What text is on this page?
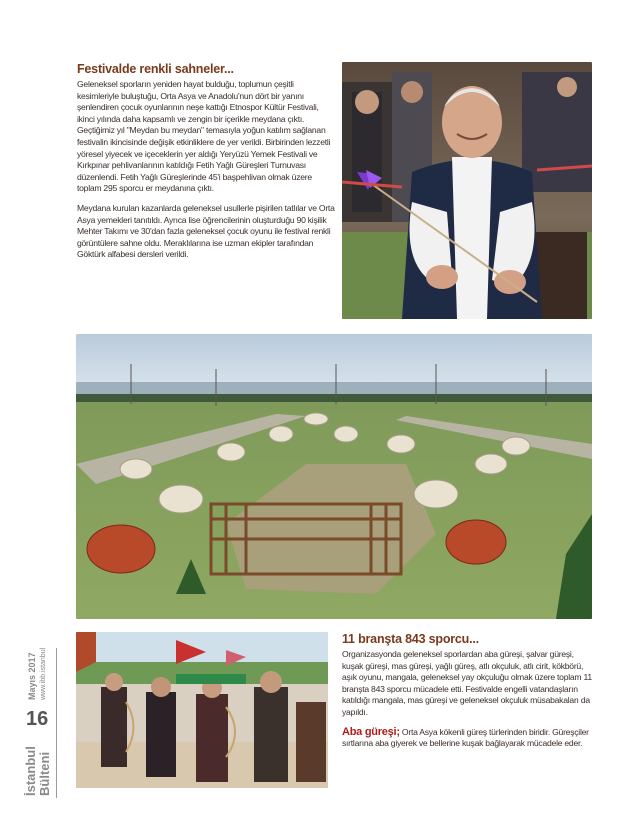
16
İstanbul Bülteni
Mayıs 2017 www.ibb.istanbul
Festivalde renkli sahneler...

Geleneksel sporların yeniden hayat bulduğu, toplumun çeşitli kesimleriyle buluştuğu, Orta Asya ve Anadolu'nun dört bir yanını şenlendiren çocuk oyunlarının neşe kattığı Etnospor Kültür Festivali, ikinci yılında daha kapsamlı ve zengin bir içerikle meydana çıktı. Geçtiğimiz yıl "Meydan bu meydan" temasıyla yoğun katılım sağlanan festivalin ikincisinde değişik etkinliklere de yer verildi. Birbirinden lezzetli yöresel yiyecek ve içeceklerin yer aldığı Yeryüzü Yemek Festivali ve Kırkpınar pehlivanlarının katıldığı Fetih Yağlı Güreşleri Turnuvası düzenlendi. Fetih Yağlı Güreşlerinde 45'i başpehlivan olmak üzere toplam 295 sporcu er meydanına çıktı.

Meydana kurulan kazanlarda geleneksel usullerle pişirilen tatlılar ve Orta Asya yemekleri tanıtıldı. Ayrıca lise öğrencilerinin oluşturduğu 90 kişilik Mehter Takımı ve 30'dan fazla geleneksel çocuk oyunu ile festival renkli görüntülere sahne oldu. Meraklılarına ise uzman ekipler tarafından Göktürk alfabesi dersleri verildi.

11 branşta 843 sporcu...

Organizasyonda geleneksel sporlardan aba güreşi, şalvar güreşi, kuşak güreşi, mas güreşi, yağlı güreş, atlı okçuluk, atlı cirit, kökbörü, aşık oyunu, mangala, geleneksel yay okçuluğu olmak üzere toplam 11 branşta 843 sporcu mücadele etti. Festivalde engelli vatandaşların katıldığı mangala, mas güreşi ve geleneksel okçuluk müsabakaları da yapıldı.

Aba güreşi; Orta Asya kökenli güreş türlerinden biridir. Güreşçiler sırtlarına aba giyerek ve bellerine kuşak bağlayarak mücadele eder.
